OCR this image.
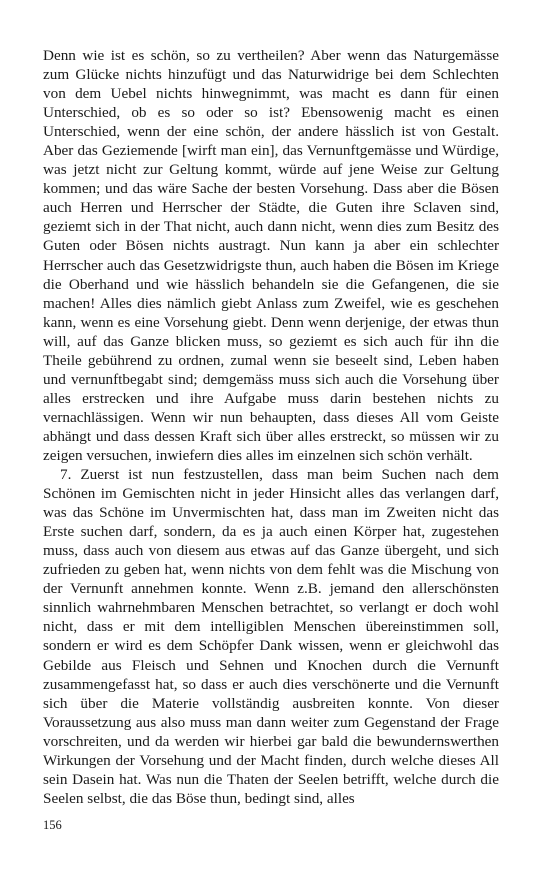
Denn wie ist es schön, so zu vertheilen? Aber wenn das Naturgemässe zum Glücke nichts hinzufügt und das Naturwidrige bei dem Schlechten von dem Uebel nichts hinwegnimmt, was macht es dann für einen Unterschied, ob es so oder so ist? Ebensowenig macht es einen Unterschied, wenn der eine schön, der andere hässlich ist von Gestalt. Aber das Geziemende [wirft man ein], das Vernunftgemässe und Würdige, was jetzt nicht zur Geltung kommt, würde auf jene Weise zur Geltung kommen; und das wäre Sache der besten Vorsehung. Dass aber die Bösen auch Herren und Herrscher der Städte, die Guten ihre Sclaven sind, geziemt sich in der That nicht, auch dann nicht, wenn dies zum Besitz des Guten oder Bösen nichts austragt. Nun kann ja aber ein schlechter Herrscher auch das Gesetzwidrigste thun, auch haben die Bösen im Kriege die Oberhand und wie hässlich behandeln sie die Gefangenen, die sie machen! Alles dies nämlich giebt Anlass zum Zweifel, wie es geschehen kann, wenn es eine Vorsehung giebt. Denn wenn derjenige, der etwas thun will, auf das Ganze blicken muss, so geziemt es sich auch für ihn die Theile gebührend zu ordnen, zumal wenn sie beseelt sind, Leben haben und vernunftbegabt sind; demgemäss muss sich auch die Vorsehung über alles erstrecken und ihre Aufgabe muss darin bestehen nichts zu vernachlässigen. Wenn wir nun behaupten, dass dieses All vom Geiste abhängt und dass dessen Kraft sich über alles erstreckt, so müssen wir zu zeigen versuchen, inwiefern dies alles im einzelnen sich schön verhält.

7. Zuerst ist nun festzustellen, dass man beim Suchen nach dem Schönen im Gemischten nicht in jeder Hinsicht alles das verlangen darf, was das Schöne im Unvermischten hat, dass man im Zweiten nicht das Erste suchen darf, sondern, da es ja auch einen Körper hat, zugestehen muss, dass auch von diesem aus etwas auf das Ganze übergeht, und sich zufrieden zu geben hat, wenn nichts von dem fehlt was die Mischung von der Vernunft annehmen konnte. Wenn z.B. jemand den allerschönsten sinnlich wahrnehmbaren Menschen betrachtet, so verlangt er doch wohl nicht, dass er mit dem intelligiblen Menschen übereinstimmen soll, sondern er wird es dem Schöpfer Dank wissen, wenn er gleichwohl das Gebilde aus Fleisch und Sehnen und Knochen durch die Vernunft zusammengefasst hat, so dass er auch dies verschönerte und die Vernunft sich über die Materie vollständig ausbreiten konnte. Von dieser Voraussetzung aus also muss man dann weiter zum Gegenstand der Frage vorschreiten, und da werden wir hierbei gar bald die bewundernswerthen Wirkungen der Vorsehung und der Macht finden, durch welche dieses All sein Dasein hat. Was nun die Thaten der Seelen betrifft, welche durch die Seelen selbst, die das Böse thun, bedingt sind, alles

156
